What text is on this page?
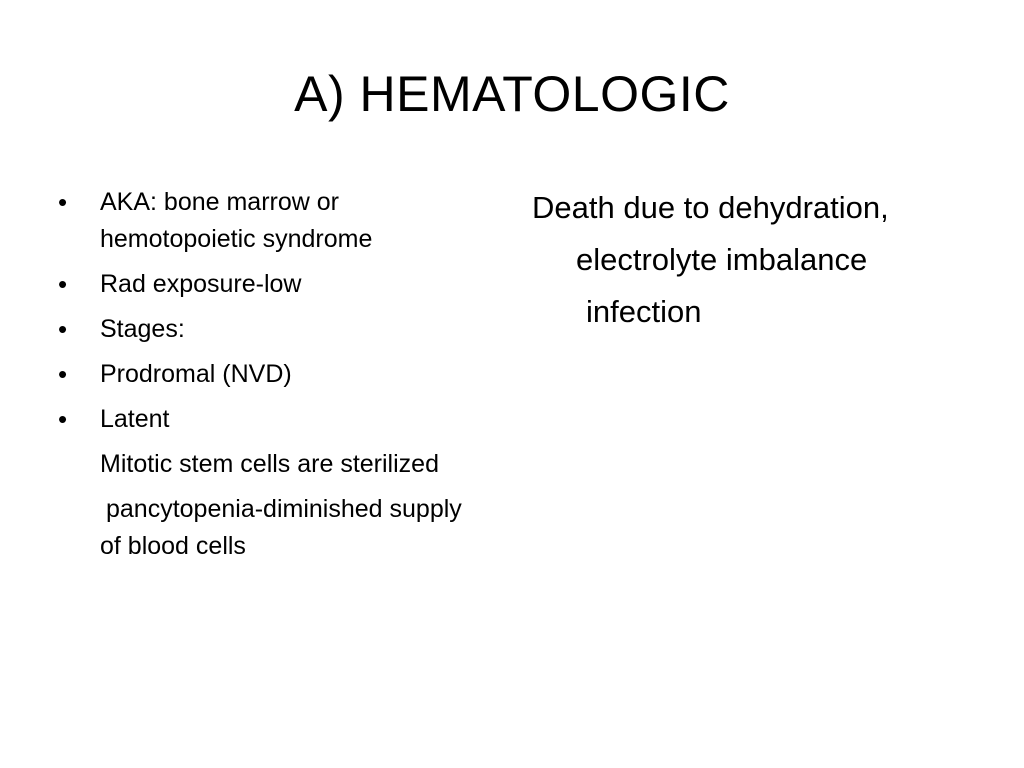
A) HEMATOLOGIC
• AKA: bone marrow or hemotopoietic syndrome
• Rad exposure-low
• Stages:
• Prodromal (NVD)
• Latent
Mitotic stem cells are sterilized
pancytopenia-diminished supply of blood cells
Death due to dehydration,
electrolyte imbalance
infection
